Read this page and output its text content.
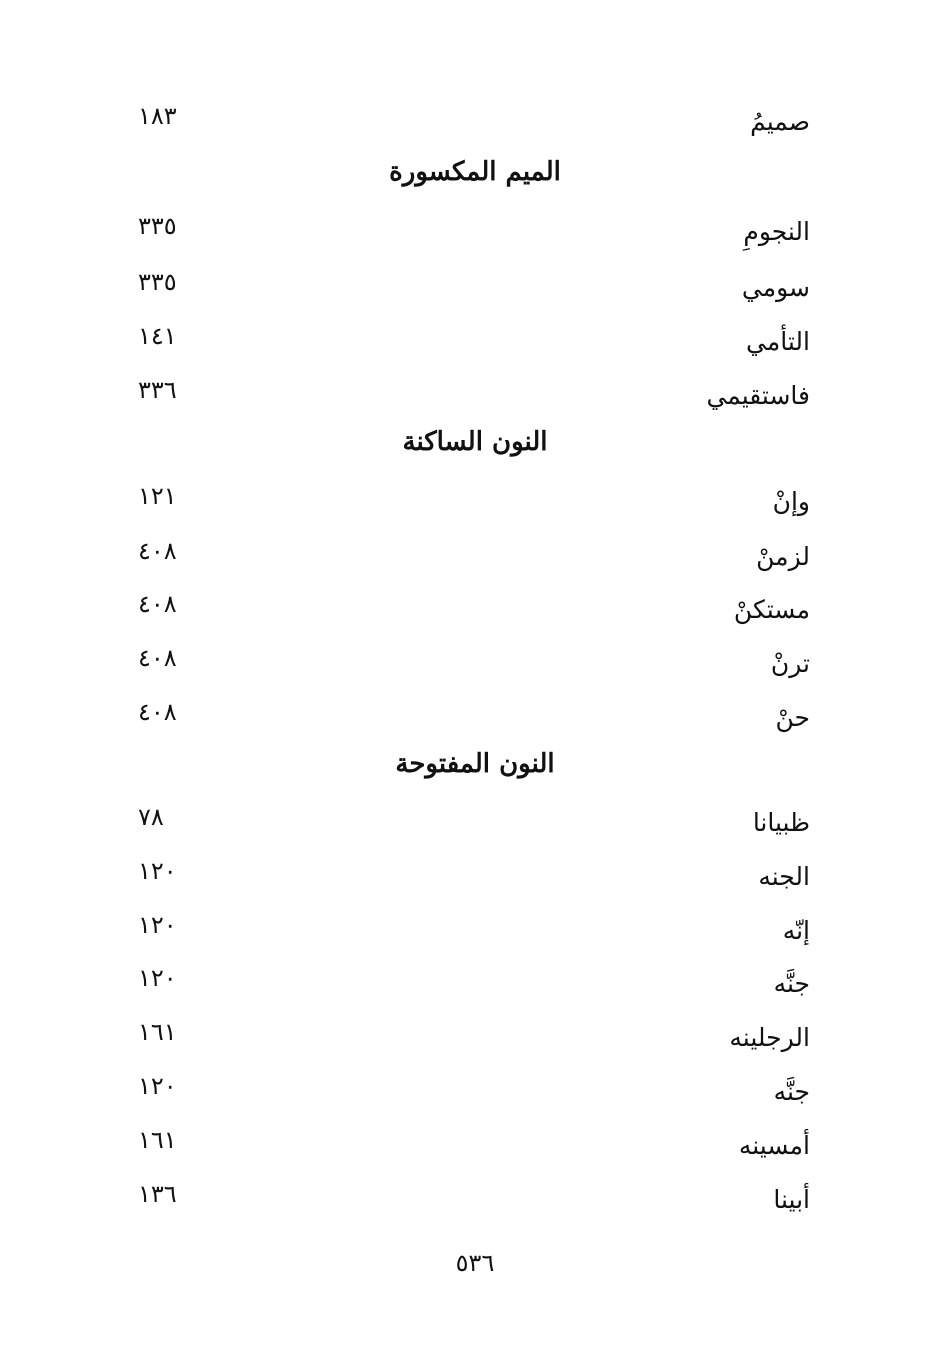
صميمُ
١٨٣
الميم المكسورة
النجومِ
٣٣٥
سومي
٣٣٥
التأمي
١٤١
فاستقيمي
٣٣٦
النون الساكنة
وإنْ
١٢١
لزمنْ
٤٠٨
مستكنْ
٤٠٨
ترنْ
٤٠٨
حنْ
٤٠٨
النون المفتوحة
ظبيانا
٧٨
الجنه
١٢٠
إنّه
١٢٠
جنَّه
١٢٠
الرجلينه
١٦١
جنَّه
١٢٠
أمسينه
١٦١
أبينا
١٣٦
٥٣٦
